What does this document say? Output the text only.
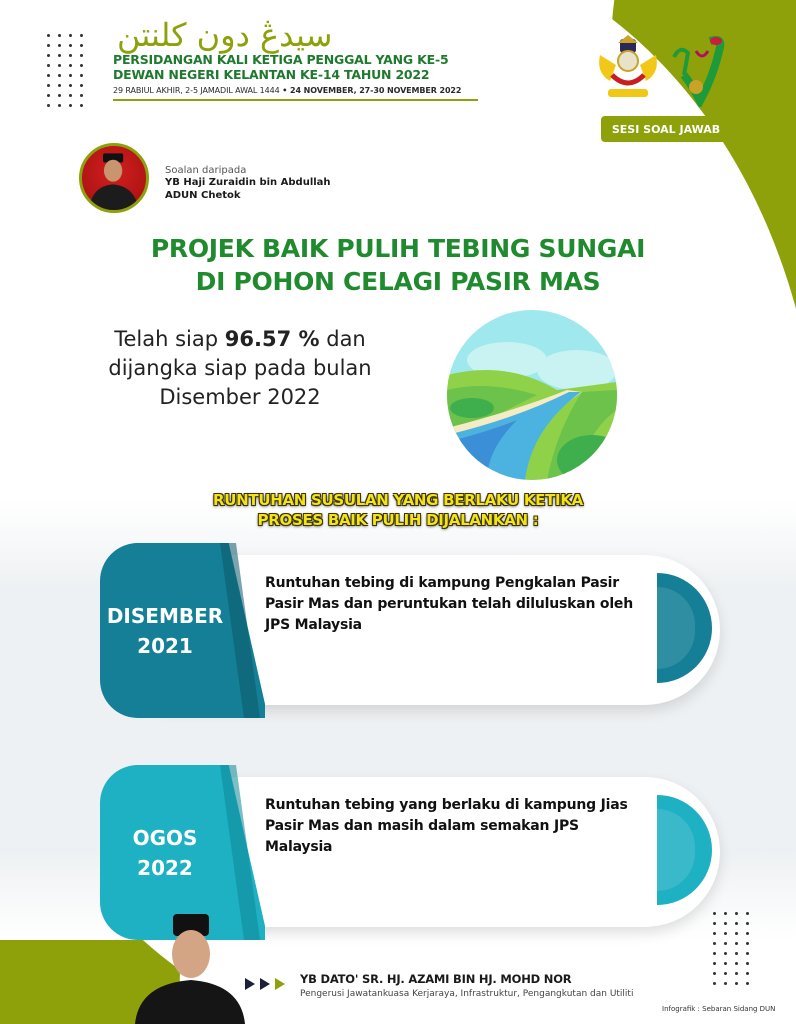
سيدڠ دون كلنتن
PERSIDANGAN KALI KETIGA PENGGAL YANG KE-5
DEWAN NEGERI KELANTAN KE-14 TAHUN 2022
29 RABIUL AKHIR, 2-5 JAMADIL AWAL 1444 • 24 NOVEMBER, 27-30 NOVEMBER 2022
SESI SOAL JAWAB
Soalan daripada
YB Haji Zuraidin bin Abdullah
ADUN Chetok
PROJEK BAIK PULIH TEBING SUNGAI
DI POHON CELAGI PASIR MAS
Telah siap 96.57 % dan
dijangka siap pada bulan
Disember 2022
RUNTUHAN SUSULAN YANG BERLAKU KETIKA
PROSES BAIK PULIH DIJALANKAN :
DISEMBER
2021
Runtuhan tebing di kampung Pengkalan Pasir Pasir Mas dan peruntukan telah diluluskan oleh JPS Malaysia
OGOS
2022
Runtuhan tebing yang berlaku di kampung Jias Pasir Mas dan masih dalam semakan JPS Malaysia
YB DATO' SR. HJ. AZAMI BIN HJ. MOHD NOR
Pengerusi Jawatankuasa Kerjaraya, Infrastruktur, Pengangkutan dan Utiliti
Infografik : Sebaran Sidang DUN
